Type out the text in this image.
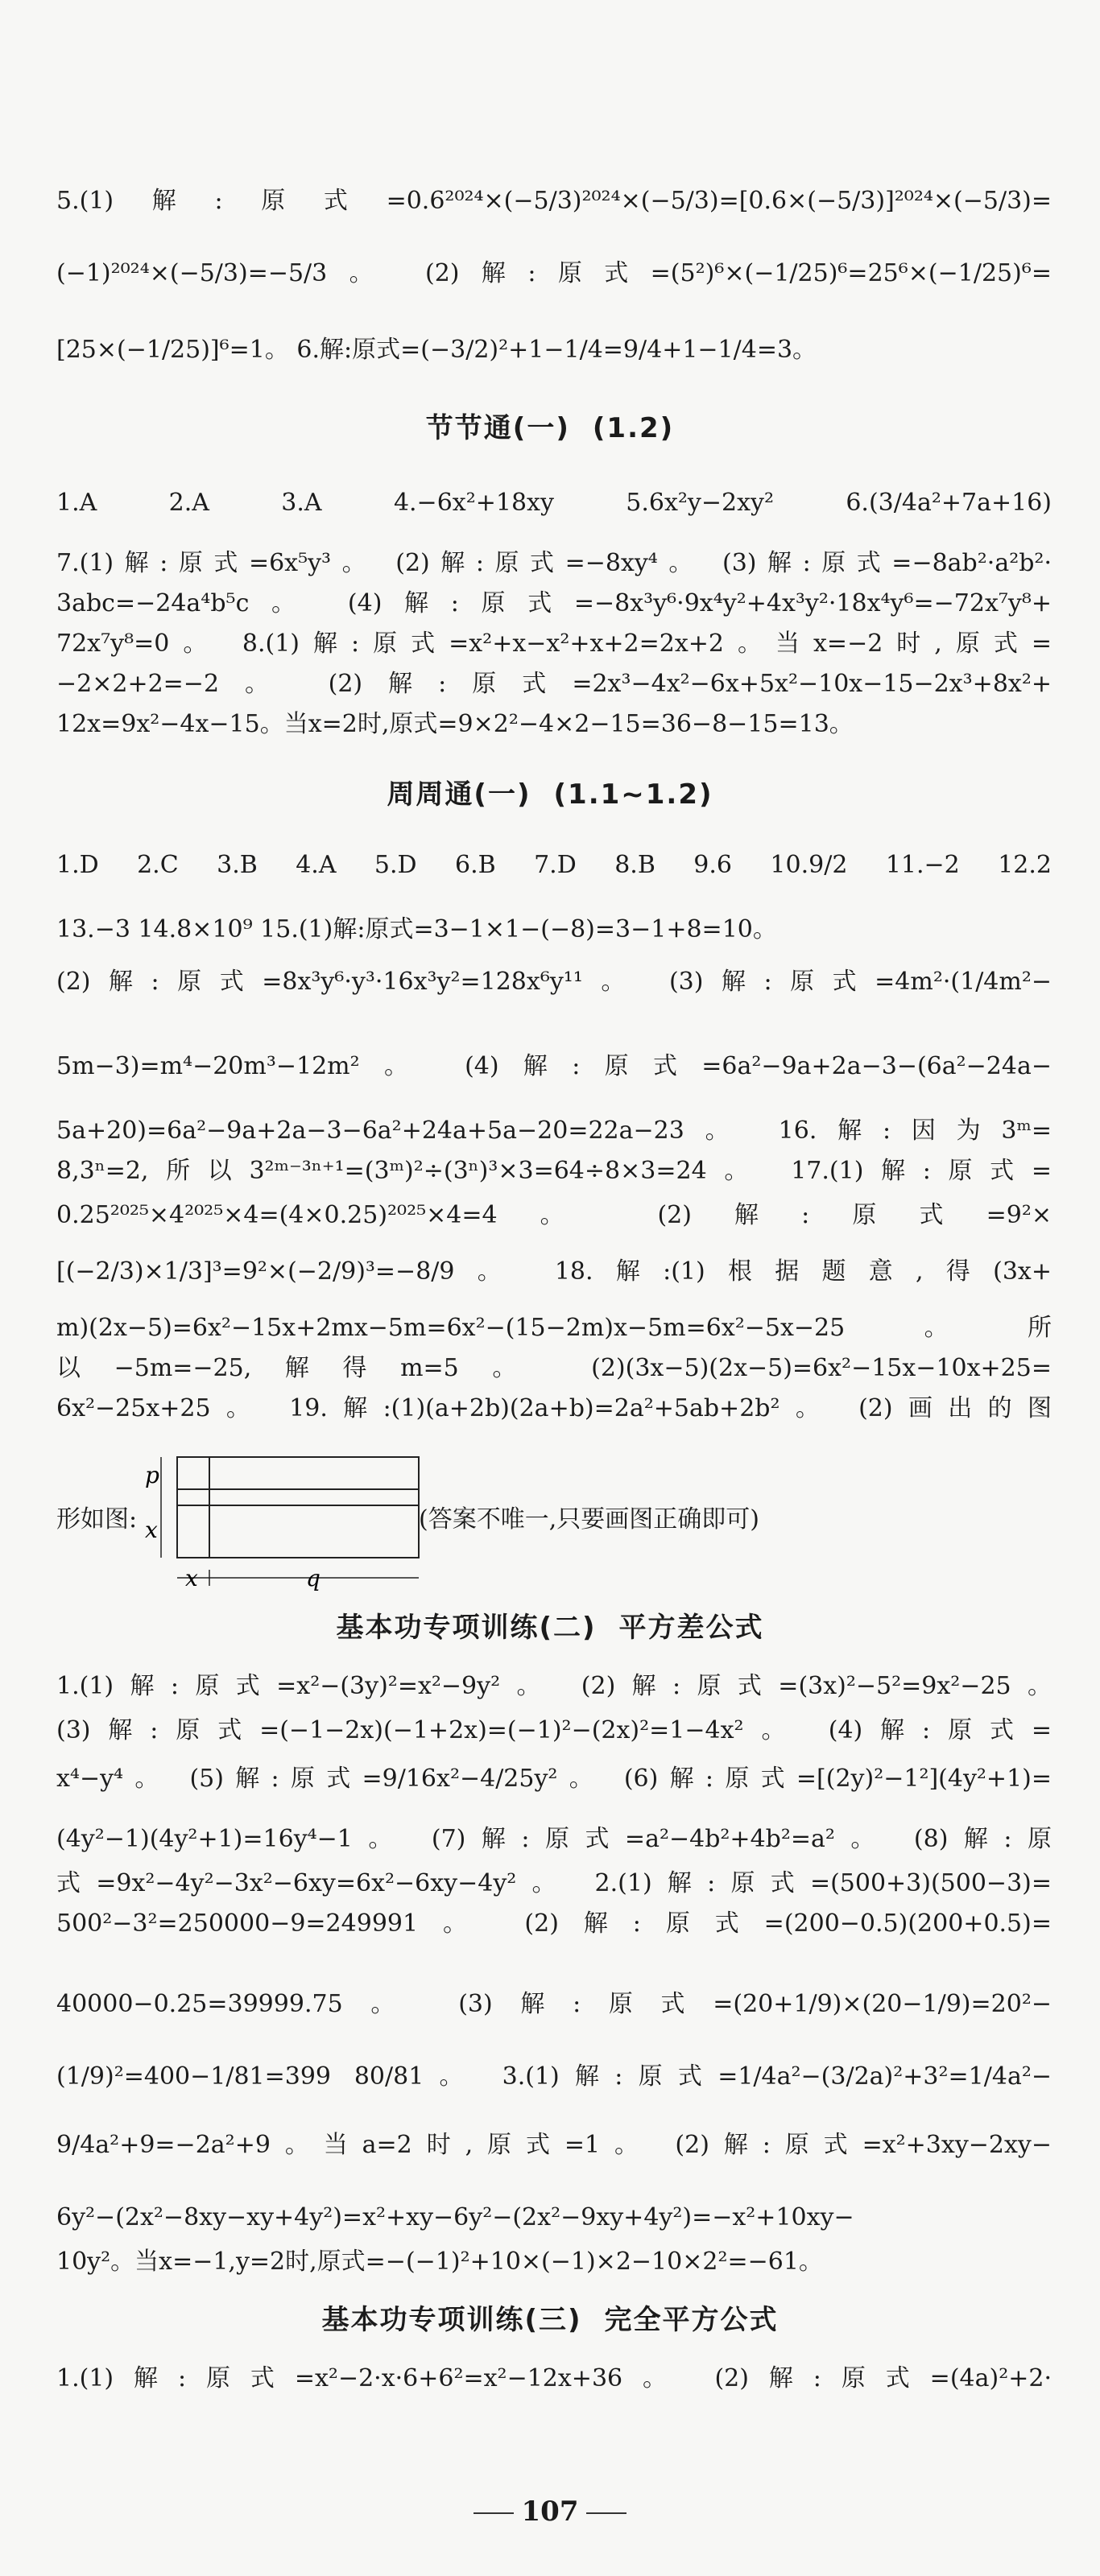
5.(1)解:原式=0.6²⁰²⁴×(−5/3)²⁰²⁴×(−5/3)=[0.6×(−5/3)]²⁰²⁴×(−5/3)=
(−1)²⁰²⁴×(−5/3)=−5/3。 (2)解:原式=(5²)⁶×(−1/25)⁶=25⁶×(−1/25)⁶=
[25×(−1/25)]⁶=1。 6.解:原式=(−3/2)²+1−1/4=9/4+1−1/4=3。
节节通(一) (1.2)
1.A 2.A 3.A 4.−6x²+18xy 5.6x²y−2xy² 6.(3/4a²+7a+16)
7.(1)解:原式=6x⁵y³。 (2)解:原式=−8xy⁴。 (3)解:原式=−8ab²·a²b²·
3abc=−24a⁴b⁵c。 (4)解:原式=−8x³y⁶·9x⁴y²+4x³y²·18x⁴y⁶=−72x⁷y⁸+
72x⁷y⁸=0。 8.(1)解:原式=x²+x−x²+x+2=2x+2。当x=−2时,原式=
−2×2+2=−2。 (2)解:原式=2x³−4x²−6x+5x²−10x−15−2x³+8x²+
12x=9x²−4x−15。当x=2时,原式=9×2²−4×2−15=36−8−15=13。
周周通(一) (1.1~1.2)
1.D 2.C 3.B 4.A 5.D 6.B 7.D 8.B 9.6 10.9/2 11.−2 12.2
13.−3 14.8×10⁹ 15.(1)解:原式=3−1×1−(−8)=3−1+8=10。
(2)解:原式=8x³y⁶·y³·16x³y²=128x⁶y¹¹。 (3)解:原式=4m²·(1/4m²−
5m−3)=m⁴−20m³−12m²。 (4)解:原式=6a²−9a+2a−3−(6a²−24a−
5a+20)=6a²−9a+2a−3−6a²+24a+5a−20=22a−23。 16.解:因为3ᵐ=
8,3ⁿ=2,所以3²ᵐ⁻³ⁿ⁺¹=(3ᵐ)²÷(3ⁿ)³×3=64÷8×3=24。 17.(1)解:原式=
0.25²⁰²⁵×4²⁰²⁵×4=(4×0.25)²⁰²⁵×4=4。 (2)解:原式=9²×
[(−2/3)×1/3]³=9²×(−2/9)³=−8/9。 18.解:(1)根据题意,得(3x+
m)(2x−5)=6x²−15x+2mx−5m=6x²−(15−2m)x−5m=6x²−5x−25。所
以−5m=−25,解得m=5。 (2)(3x−5)(2x−5)=6x²−15x−10x+25=
6x²−25x+25。 19.解:(1)(a+2b)(2a+b)=2a²+5ab+2b²。 (2)画出的图
形如图:
p
x
x	q
(答案不唯一,只要画图正确即可)
基本功专项训练(二) 平方差公式
1.(1)解:原式=x²−(3y)²=x²−9y²。 (2)解:原式=(3x)²−5²=9x²−25。
(3)解:原式=(−1−2x)(−1+2x)=(−1)²−(2x)²=1−4x²。 (4)解:原式=
x⁴−y⁴。 (5)解:原式=9/16x²−4/25y²。 (6)解:原式=[(2y)²−1²](4y²+1)=
(4y²−1)(4y²+1)=16y⁴−1。 (7)解:原式=a²−4b²+4b²=a²。 (8)解:原
式=9x²−4y²−3x²−6xy=6x²−6xy−4y²。 2.(1)解:原式=(500+3)(500−3)=
500²−3²=250000−9=249991。 (2)解:原式=(200−0.5)(200+0.5)=
40000−0.25=39999.75。 (3)解:原式=(20+1/9)×(20−1/9)=20²−
(1/9)²=400−1/81=399 80/81。 3.(1)解:原式=1/4a²−(3/2a)²+3²=1/4a²−
9/4a²+9=−2a²+9。当a=2时,原式=1。 (2)解:原式=x²+3xy−2xy−
6y²−(2x²−8xy−xy+4y²)=x²+xy−6y²−(2x²−9xy+4y²)=−x²+10xy−
10y²。当x=−1,y=2时,原式=−(−1)²+10×(−1)×2−10×2²=−61。
基本功专项训练(三) 完全平方公式
1.(1)解:原式=x²−2·x·6+6²=x²−12x+36。 (2)解:原式=(4a)²+2·
107
